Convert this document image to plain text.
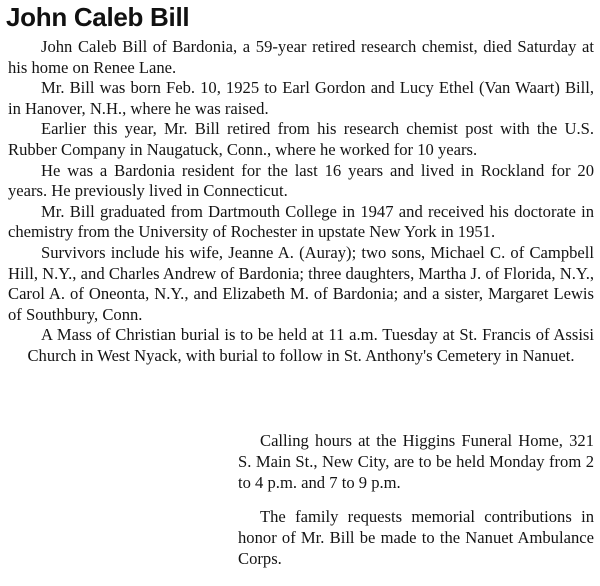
John Caleb Bill

John Caleb Bill of Bardonia, a 59-year retired research chemist, died Saturday at his home on Renee Lane.

Mr. Bill was born Feb. 10, 1925 to Earl Gordon and Lucy Ethel (Van Waart) Bill, in Hanover, N.H., where he was raised.

Earlier this year, Mr. Bill retired from his research chemist post with the U.S. Rubber Company in Naugatuck, Conn., where he worked for 10 years.

He was a Bardonia resident for the last 16 years and lived in Rockland for 20 years. He previously lived in Connecticut.

Mr. Bill graduated from Dartmouth College in 1947 and received his doctorate in chemistry from the University of Rochester in upstate New York in 1951.

Survivors include his wife, Jeanne A. (Auray); two sons, Michael C. of Campbell Hill, N.Y., and Charles Andrew of Bardonia; three daughters, Martha J. of Florida, N.Y., Carol A. of Oneonta, N.Y., and Elizabeth M. of Bardonia; and a sister, Margaret Lewis of Southbury, Conn.

A Mass of Christian burial is to be held at 11 a.m. Tuesday at St. Francis of Assisi Church in West Nyack, with burial to follow in St. Anthony's Cemetery in Nanuet.

Calling hours at the Higgins Funeral Home, 321 S. Main St., New City, are to be held Monday from 2 to 4 p.m. and 7 to 9 p.m.

The family requests memorial contributions in honor of Mr. Bill be made to the Nanuet Ambulance Corps.
